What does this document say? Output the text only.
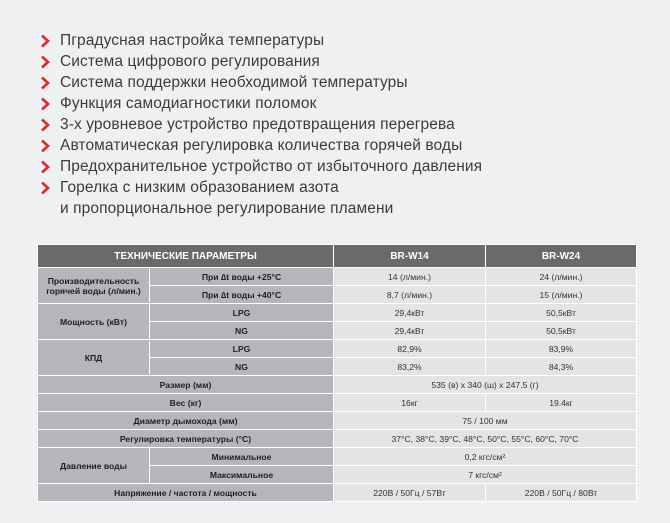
Пградусная настройка температуры
Система цифрового регулирования
Система поддержки необходимой температуры
Функция самодиагностики поломок
3-х уровневое устройство предотвращения перегрева
Автоматическая регулировка количества горячей воды
Предохранительное устройство от избыточного давления
Горелка с низким образованием азота
и пропорциональное регулирование пламени
ТЕХНИЧЕСКИЕ ПАРАМЕТРЫ		BR-W14	BR-W24
Производительность горячей воды (л/мин.)	При ∆t воды +25°C	14 (л/мин.)	24 (л/мин.)
	При ∆t воды +40°C	8,7 (л/мин.)	15 (л/мин.)
Мощность (кВт)	LPG	29,4кВт	50,5кВт
	NG	29,4кВт	50,5кВт
КПД	LPG	82,9%	83,9%
	NG	83,2%	84,3%
Размер (мм)		535 (в) х 340 (ш) х 247.5 (г)	
Вес (кг)		16кг	19.4кг
Диаметр дымохода (мм)		75 / 100 мм	
Регулировка температуры (°C)		37°C, 38°C, 39°C, 48°C, 50°C, 55°C, 60°C, 70°C	
Давление воды	Минимальное	0,2 кгс/см²	
	Максимальное	7 кгс/см²	
Напряжение / частота / мощность		220В / 50Гц / 57Вт	220В / 50Гц / 80Вт
